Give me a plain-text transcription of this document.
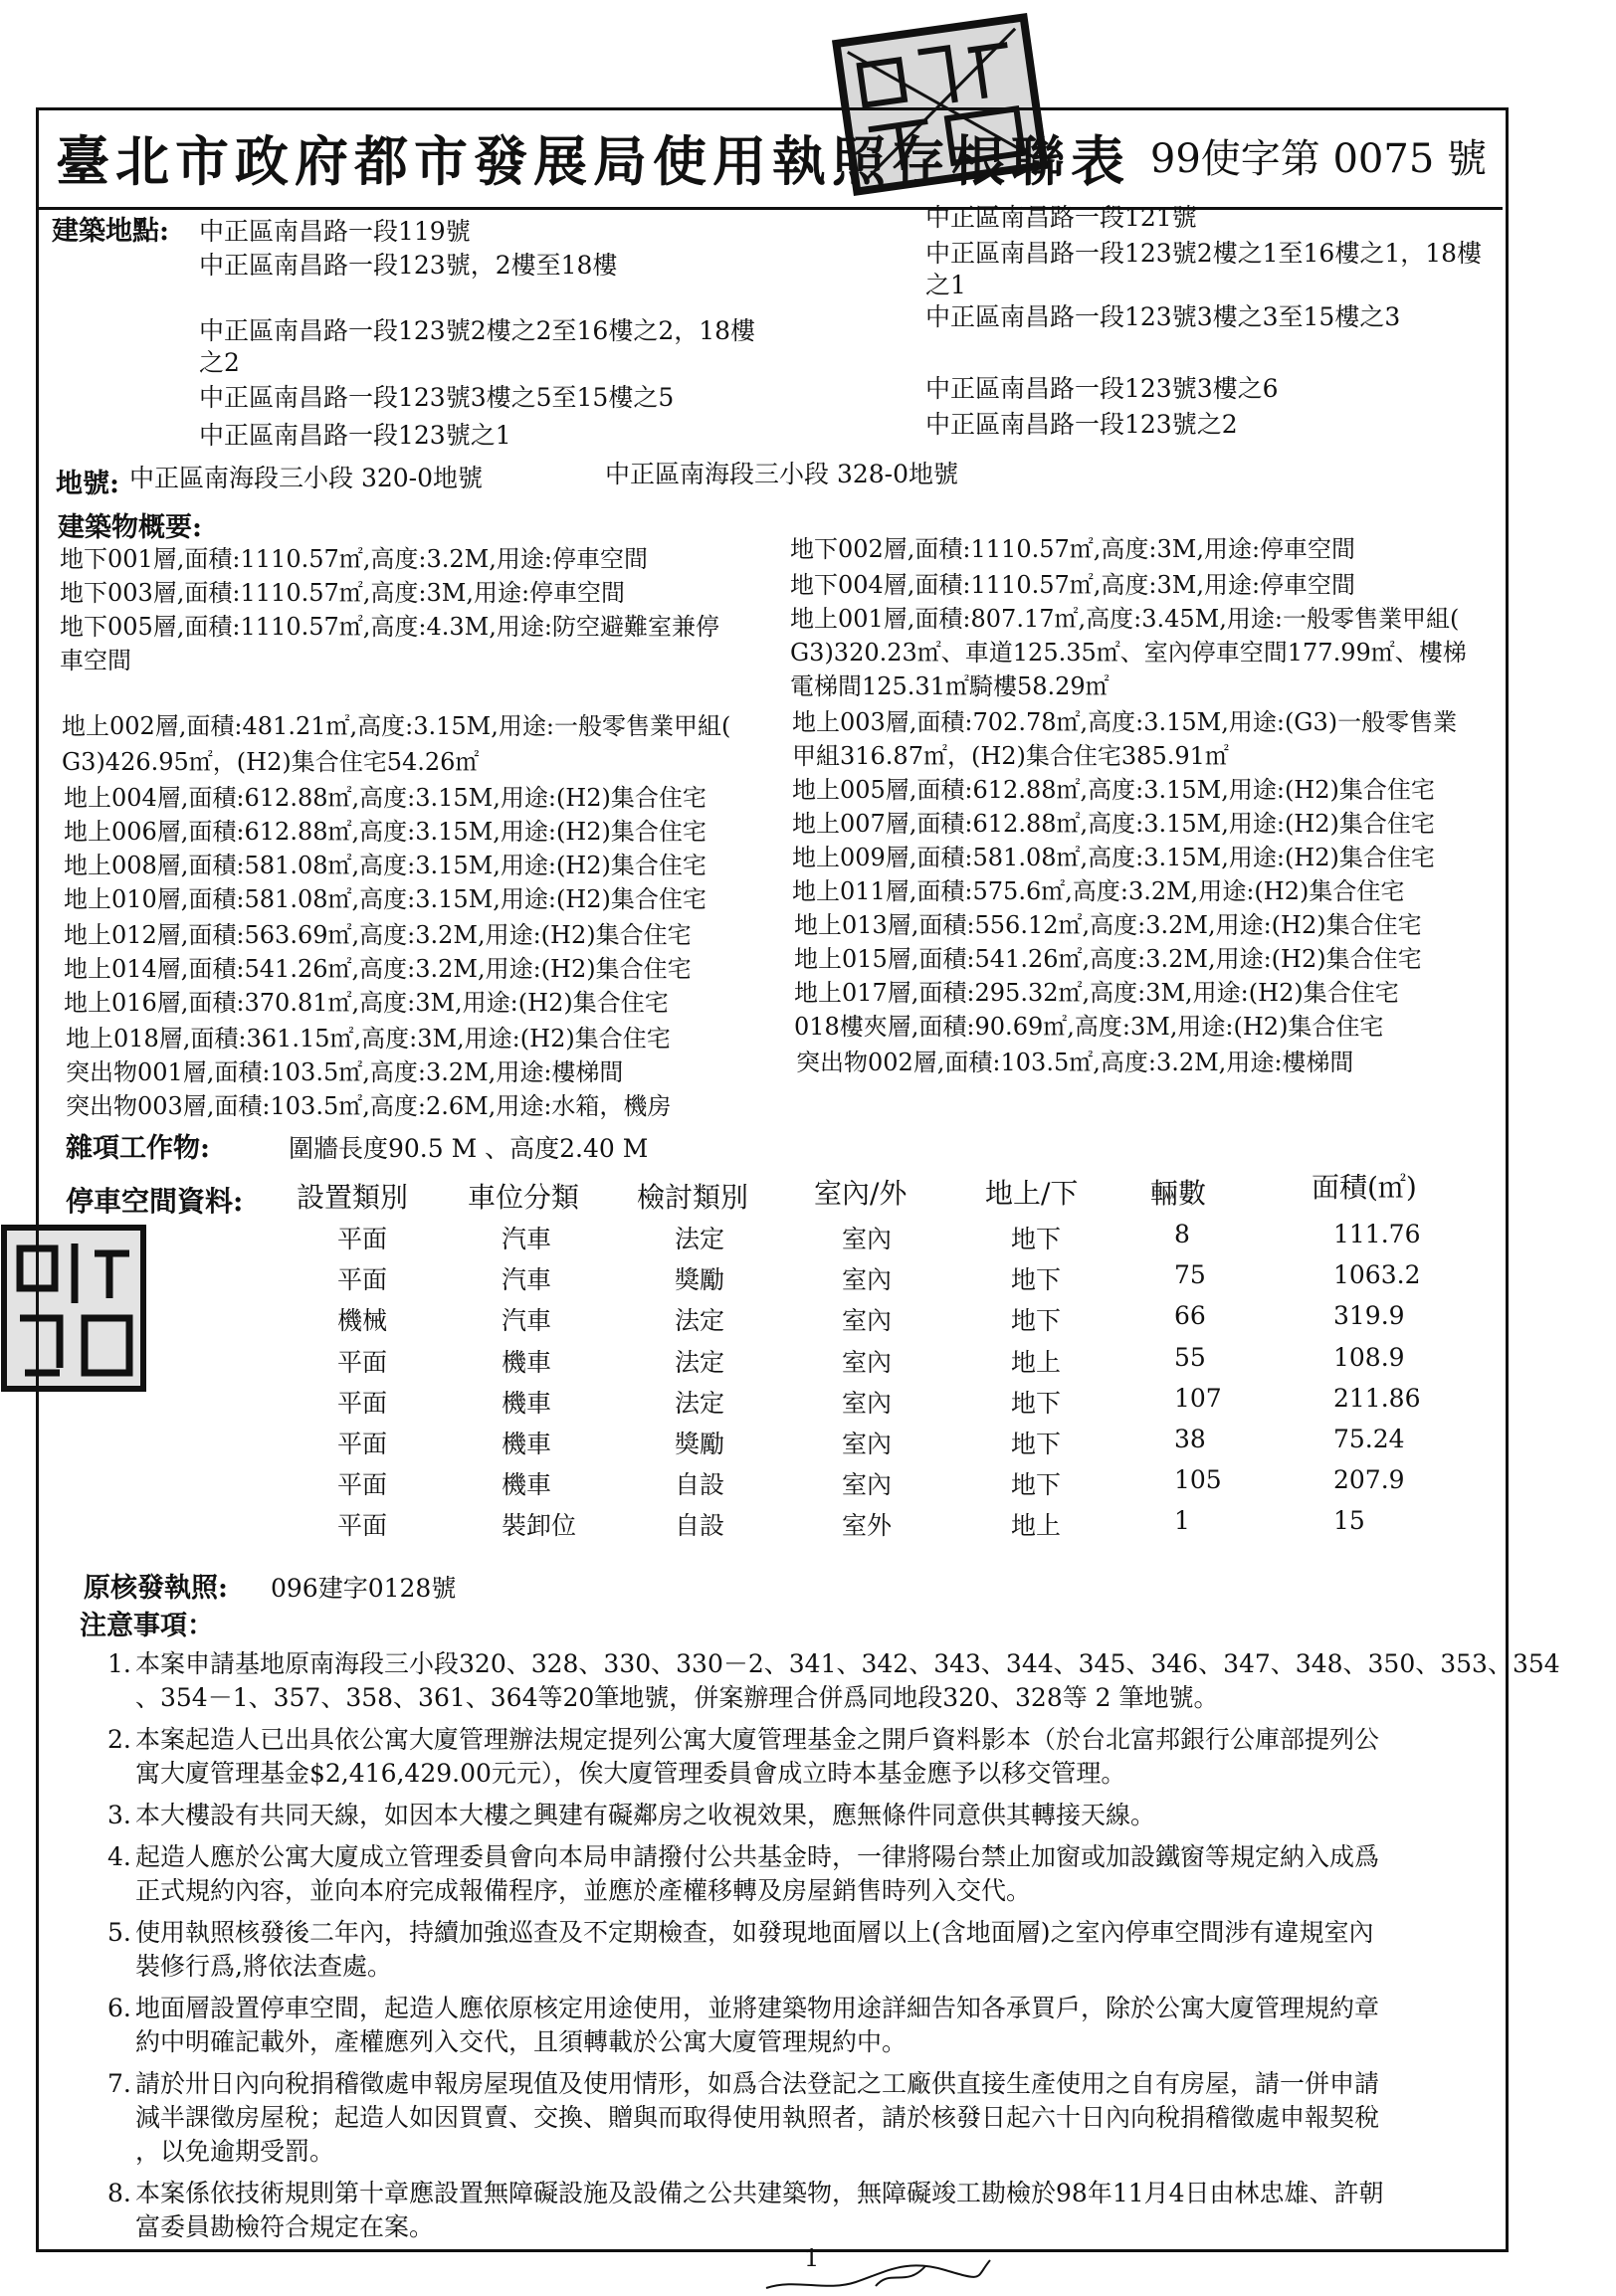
臺北市政府都市發展局使用執照存根聯表 99使字第 0075 號
建築地點: 中正區南昌路一段119號
中正區南昌路一段123號，2樓至18樓
中正區南昌路一段123號2樓之2至16樓之2，18樓
之2
中正區南昌路一段123號3樓之5至15樓之5
中正區南昌路一段123號之1
中正區南昌路一段121號
中正區南昌路一段123號2樓之1至16樓之1，18樓
之1
中正區南昌路一段123號3樓之3至15樓之3
中正區南昌路一段123號3樓之6
中正區南昌路一段123號之2
地號: 中正區南海段三小段 320-0地號	中正區南海段三小段 328-0地號
建築物概要:
地下001層,面積:1110.57㎡,高度:3.2M,用途:停車空間
地下003層,面積:1110.57㎡,高度:3M,用途:停車空間
地下005層,面積:1110.57㎡,高度:4.3M,用途:防空避難室兼停
車空間
地上002層,面積:481.21㎡,高度:3.15M,用途:一般零售業甲組(
G3)426.95㎡，(H2)集合住宅54.26㎡
地上004層,面積:612.88㎡,高度:3.15M,用途:(H2)集合住宅
地上006層,面積:612.88㎡,高度:3.15M,用途:(H2)集合住宅
地上008層,面積:581.08㎡,高度:3.15M,用途:(H2)集合住宅
地上010層,面積:581.08㎡,高度:3.15M,用途:(H2)集合住宅
地上012層,面積:563.69㎡,高度:3.2M,用途:(H2)集合住宅
地上014層,面積:541.26㎡,高度:3.2M,用途:(H2)集合住宅
地上016層,面積:370.81㎡,高度:3M,用途:(H2)集合住宅
地上018層,面積:361.15㎡,高度:3M,用途:(H2)集合住宅
突出物001層,面積:103.5㎡,高度:3.2M,用途:樓梯間
突出物003層,面積:103.5㎡,高度:2.6M,用途:水箱，機房
地下002層,面積:1110.57㎡,高度:3M,用途:停車空間
地下004層,面積:1110.57㎡,高度:3M,用途:停車空間
地上001層,面積:807.17㎡,高度:3.45M,用途:一般零售業甲組(
G3)320.23㎡、車道125.35㎡、室內停車空間177.99㎡、樓梯
電梯間125.31㎡騎樓58.29㎡
地上003層,面積:702.78㎡,高度:3.15M,用途:(G3)一般零售業
甲組316.87㎡，(H2)集合住宅385.91㎡
地上005層,面積:612.88㎡,高度:3.15M,用途:(H2)集合住宅
地上007層,面積:612.88㎡,高度:3.15M,用途:(H2)集合住宅
地上009層,面積:581.08㎡,高度:3.15M,用途:(H2)集合住宅
地上011層,面積:575.6㎡,高度:3.2M,用途:(H2)集合住宅
地上013層,面積:556.12㎡,高度:3.2M,用途:(H2)集合住宅
地上015層,面積:541.26㎡,高度:3.2M,用途:(H2)集合住宅
地上017層,面積:295.32㎡,高度:3M,用途:(H2)集合住宅
018樓夾層,面積:90.69㎡,高度:3M,用途:(H2)集合住宅
突出物002層,面積:103.5㎡,高度:3.2M,用途:樓梯間
雜項工作物:	圍牆長度90.5 M 、高度2.40 M
停車空間資料: 設置類別 車位分類 檢討類別 室內/外	地上/下	輛數	面積(㎡)
平面	汽車	法定	室內	地下	8	111.76
平面	汽車	獎勵	室內	地下	75	1063.2
機械	汽車	法定	室內	地下	66	319.9
平面	機車	法定	室內	地上	55	108.9
平面	機車	法定	室內	地下	107	211.86
平面	機車	獎勵	室內	地下	38	75.24
平面	機車	自設	室內	地下	105	207.9
平面	裝卸位	自設	室外	地上	1	15
原核發執照: 096建字0128號
注意事項：
1. 本案申請基地原南海段三小段320、328、330、330－2、341、342、343、344、345、346、347、348、350、353、354
、354－1、357、358、361、364等20筆地號，併案辦理合併爲同地段320、328等 2 筆地號。
2. 本案起造人已出具依公寓大廈管理辦法規定提列公寓大廈管理基金之開戶資料影本（於台北富邦銀行公庫部提列公
寓大廈管理基金$2,416,429.00元元），俟大廈管理委員會成立時本基金應予以移交管理。
3. 本大樓設有共同天線，如因本大樓之興建有礙鄰房之收視效果，應無條件同意供其轉接天線。
4. 起造人應於公寓大廈成立管理委員會向本局申請撥付公共基金時，一律將陽台禁止加窗或加設鐵窗等規定納入成爲
正式規約內容，並向本府完成報備程序，並應於產權移轉及房屋銷售時列入交代。
5. 使用執照核發後二年內，持續加強巡查及不定期檢查，如發現地面層以上(含地面層)之室內停車空間涉有違規室內
裝修行爲,將依法查處。
6. 地面層設置停車空間，起造人應依原核定用途使用，並將建築物用途詳細告知各承買戶，除於公寓大廈管理規約章
約中明確記載外，產權應列入交代，且須轉載於公寓大廈管理規約中。
7. 請於卅日內向稅捐稽徵處申報房屋現值及使用情形，如爲合法登記之工廠供直接生產使用之自有房屋，請一併申請
減半課徵房屋稅；起造人如因買賣、交換、贈與而取得使用執照者，請於核發日起六十日內向稅捐稽徵處申報契稅
，以免逾期受罰。
8. 本案係依技術規則第十章應設置無障礙設施及設備之公共建築物，無障礙竣工勘檢於98年11月4日由林忠雄、許朝
富委員勘檢符合規定在案。
1
